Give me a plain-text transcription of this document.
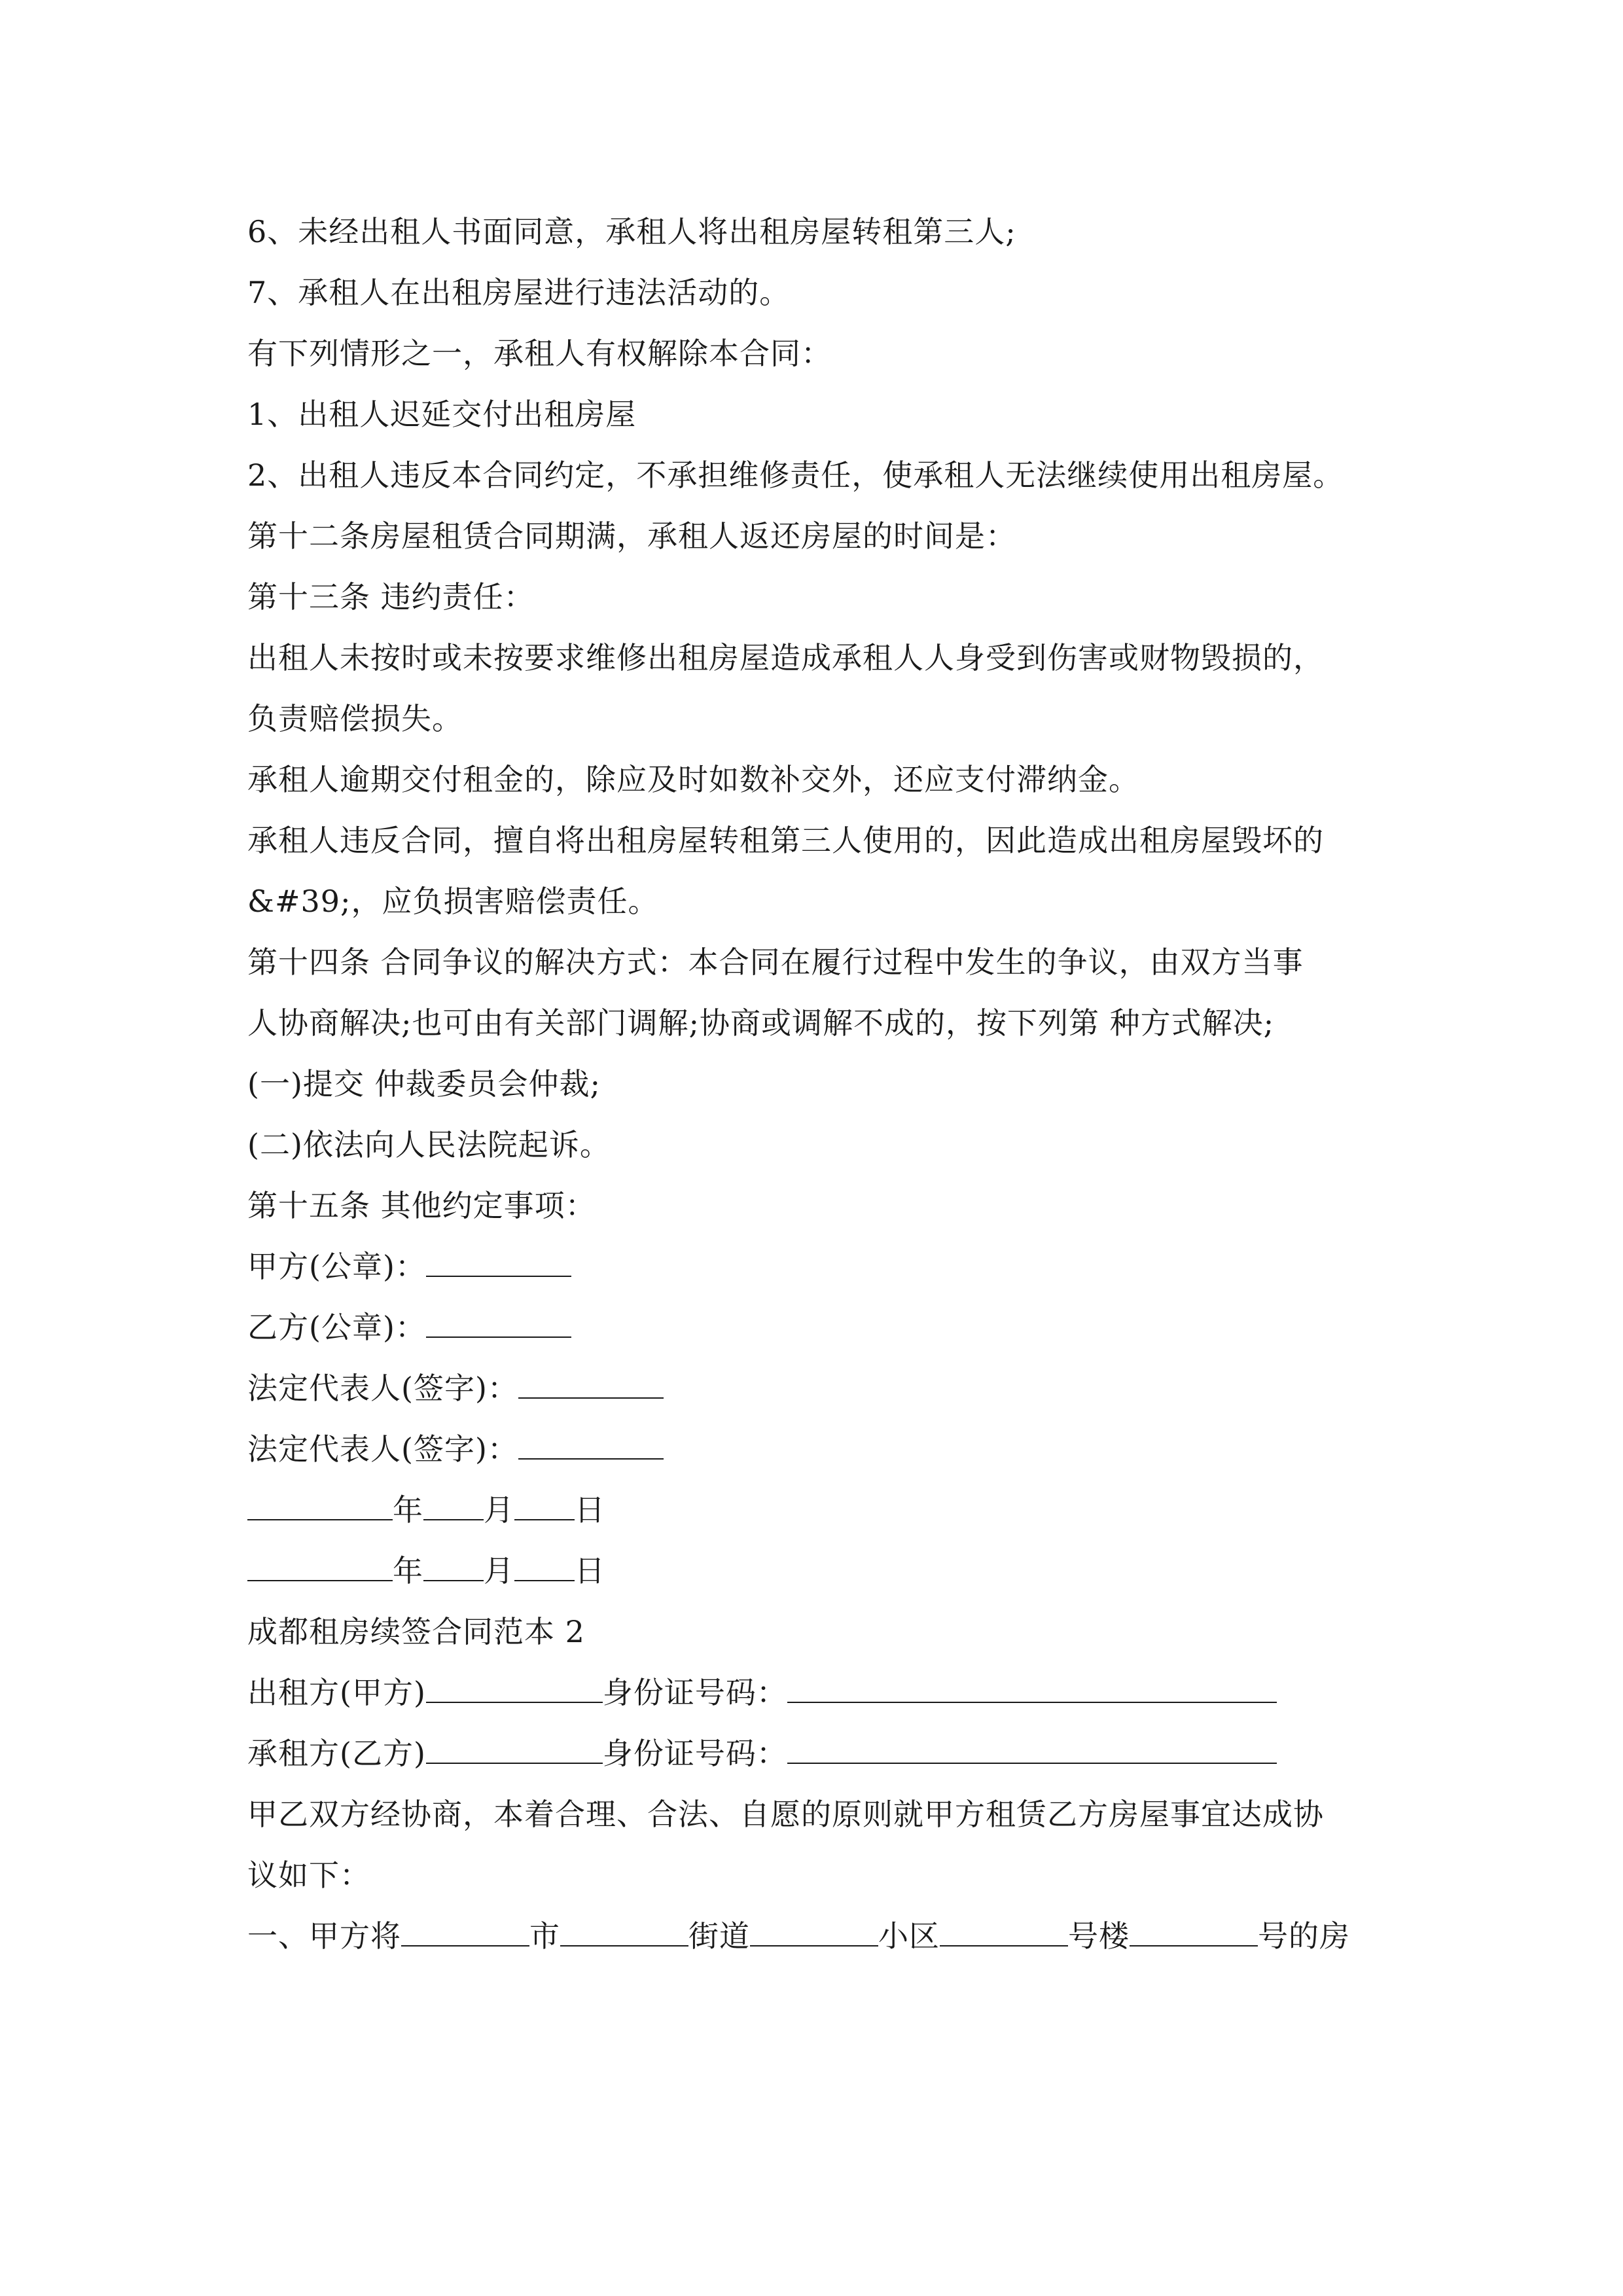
6、未经出租人书面同意，承租人将出租房屋转租第三人;
7、承租人在出租房屋进行违法活动的。
有下列情形之一，承租人有权解除本合同：
1、出租人迟延交付出租房屋
2、出租人违反本合同约定，不承担维修责任，使承租人无法继续使用出租房屋。
第十二条房屋租赁合同期满，承租人返还房屋的时间是：
第十三条 违约责任：
出租人未按时或未按要求维修出租房屋造成承租人人身受到伤害或财物毁损的，
负责赔偿损失。
承租人逾期交付租金的，除应及时如数补交外，还应支付滞纳金。
承租人违反合同，擅自将出租房屋转租第三人使用的，因此造成出租房屋毁坏的
&#39;，应负损害赔偿责任。
第十四条 合同争议的解决方式：本合同在履行过程中发生的争议，由双方当事
人协商解决;也可由有关部门调解;协商或调解不成的，按下列第 种方式解决;
(一)提交 仲裁委员会仲裁;
(二)依法向人民法院起诉。
第十五条 其他约定事项：
甲方(公章)：
乙方(公章)：
法定代表人(签字)：
法定代表人(签字)：
年 月 日
年 月 日
成都租房续签合同范本 2
出租方(甲方)	身份证号码：
承租方(乙方)	身份证号码：
甲乙双方经协商，本着合理、合法、自愿的原则就甲方租赁乙方房屋事宜达成协
议如下：
一、甲方将	市	街道	小区	号楼	号的房
